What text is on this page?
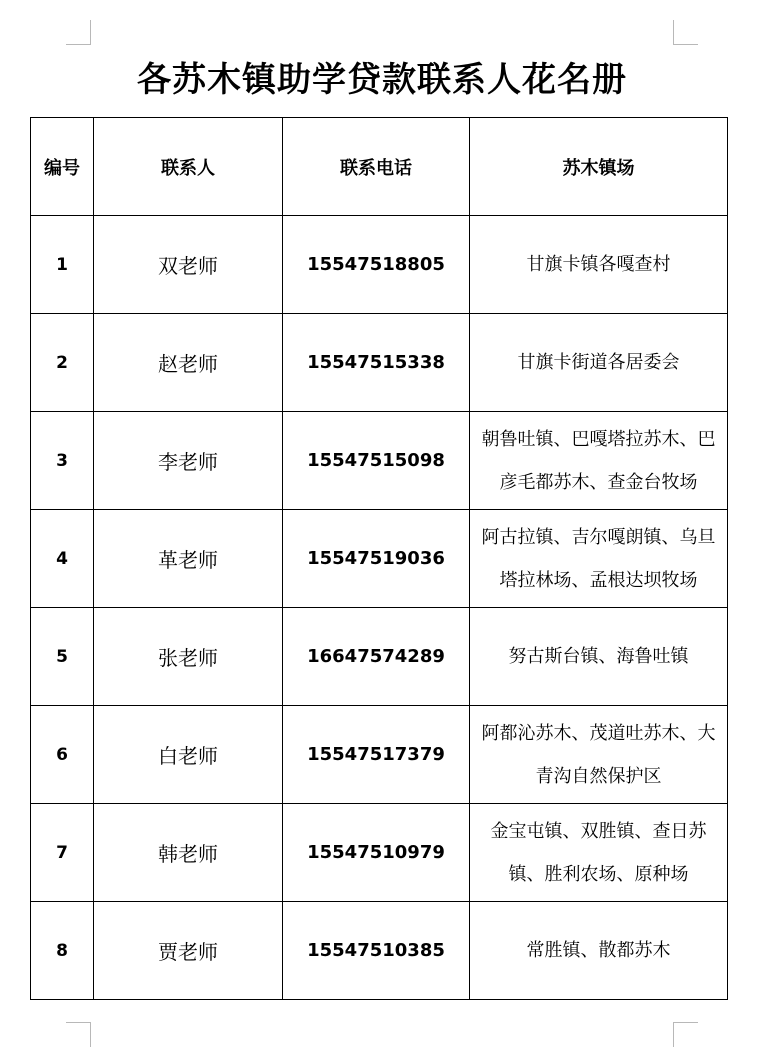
各苏木镇助学贷款联系人花名册
编号	联系人	联系电话	苏木镇场
1	双老师	15547518805	甘旗卡镇各嘎查村
2	赵老师	15547515338	甘旗卡街道各居委会
3	李老师	15547515098	朝鲁吐镇、巴嘎塔拉苏木、巴彦毛都苏木、查金台牧场
4	革老师	15547519036	阿古拉镇、吉尔嘎朗镇、乌旦塔拉林场、孟根达坝牧场
5	张老师	16647574289	努古斯台镇、海鲁吐镇
6	白老师	15547517379	阿都沁苏木、茂道吐苏木、大青沟自然保护区
7	韩老师	15547510979	金宝屯镇、双胜镇、查日苏镇、胜利农场、原种场
8	贾老师	15547510385	常胜镇、散都苏木
